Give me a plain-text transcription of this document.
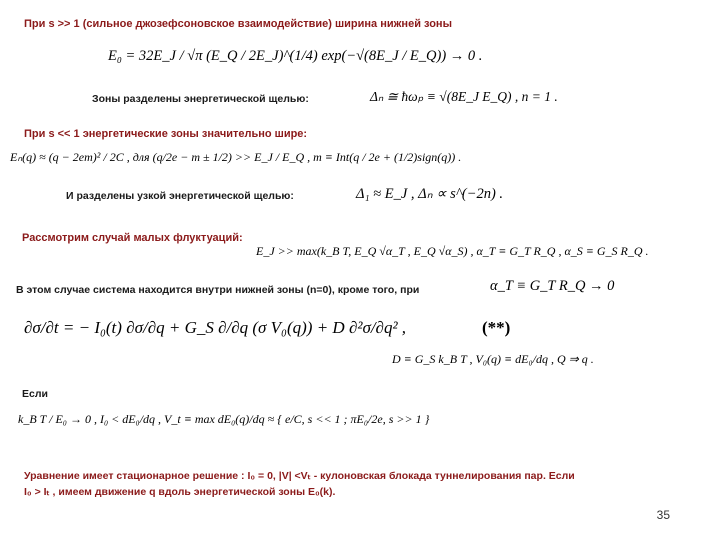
При s >> 1 (сильное джозефсоновское взаимодействие) ширина нижней зоны
E₀ = 32E_J / √π (E_Q / 2E_J)^(1/4) exp(−√(8E_J / E_Q)) → 0 .
Зоны разделены энергетической щелью:	Δₙ ≅ ħωₚ ≡ √(8E_J E_Q) , n = 1 .
При s << 1 энергетические зоны значительно шире:
Eₙ(q) ≈ (q − 2em)² / 2C , для (q/2e − m ± 1/2) >> E_J / E_Q , m ≡ Int(q / 2e + (1/2)sign(q)) .
И разделены узкой энергетической щелью:	Δ₁ ≈ E_J , Δₙ ∝ s^(−2n) .
Рассмотрим случай малых флуктуаций:
E_J >> max(k_B T, E_Q √α_T , E_Q √α_S) , α_T ≡ G_T R_Q , α_S ≡ G_S R_Q .
В этом случае система находится внутри нижней зоны (n=0), кроме того, при	α_T ≡ G_T R_Q → 0
∂σ/∂t = − I₀(t) ∂σ/∂q + G_S ∂/∂q (σ V₀(q)) + D ∂²σ/∂q² ,	(**)
D ≡ G_S k_B T , V₀(q) ≡ dE₀/dq , Q ⇒ q .
Если
k_B T / E₀ → 0 , I₀ < dE₀/dq , V_t ≡ max dE₀(q)/dq ≈ { e/C, s << 1 ; πE₀/2e, s >> 1 }
Уравнение имеет стационарное решение : I₀ = 0, |V| <Vₜ - кулоновская блокада туннелирования пар. Если
I₀ > Iₜ , имеем движение q вдоль энергетической зоны E₀(k).
35
